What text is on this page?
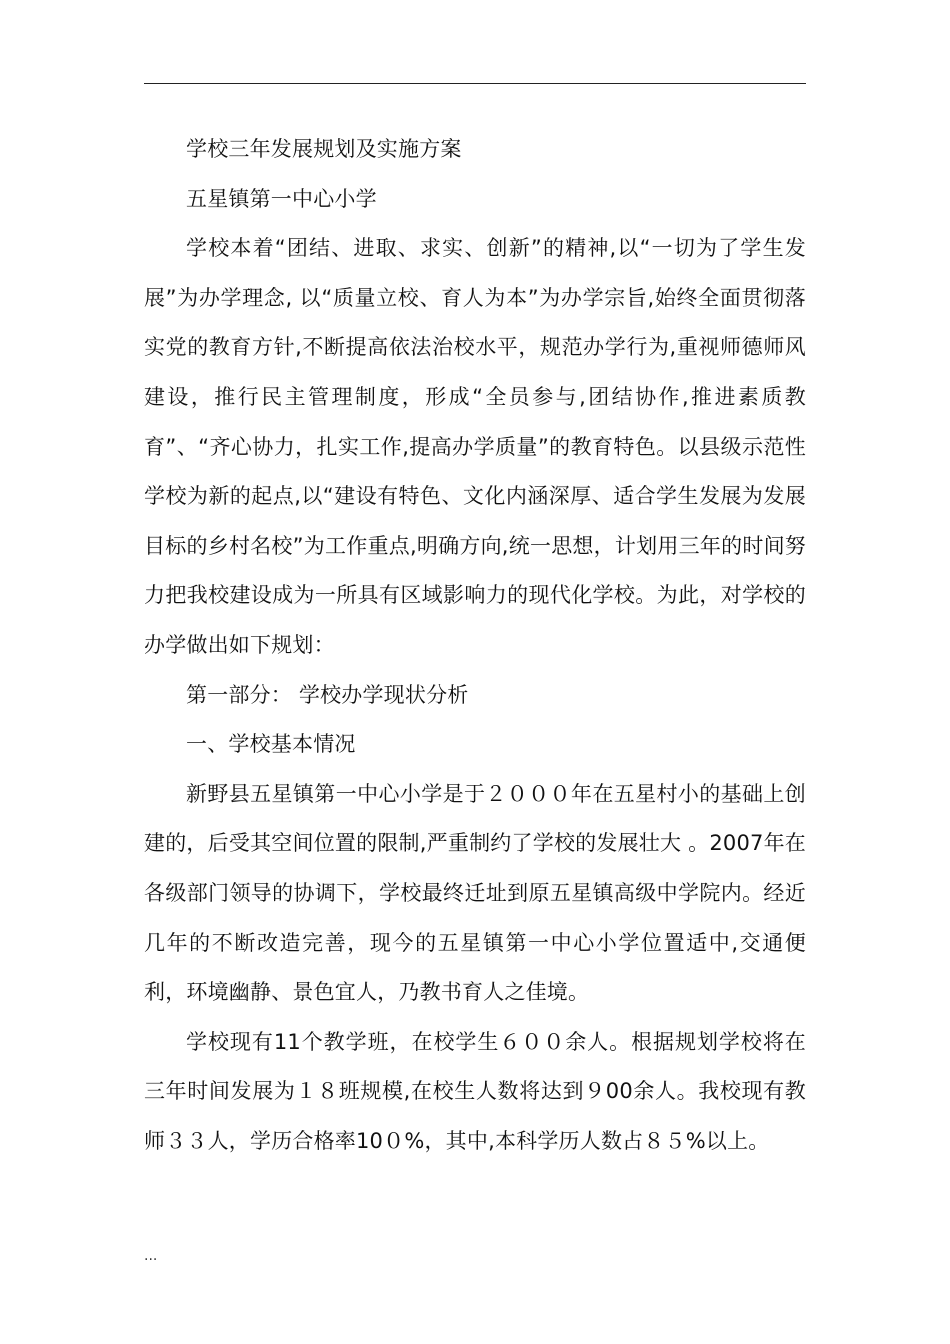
学校三年发展规划及实施方案

五星镇第一中心小学

学校本着“团结、进取、求实、创新”的精神,以“一切为了学生发展”为办学理念, 以“质量立校、育人为本”为办学宗旨,始终全面贯彻落实党的教育方针,不断提高依法治校水平，规范办学行为,重视师德师风建设，推行民主管理制度，形成“全员参与,团结协作,推进素质教育”、“齐心协力，扎实工作,提高办学质量”的教育特色。以县级示范性学校为新的起点,以“建设有特色、文化内涵深厚、适合学生发展为发展目标的乡村名校”为工作重点,明确方向,统一思想，计划用三年的时间努力把我校建设成为一所具有区域影响力的现代化学校。为此，对学校的办学做出如下规划：

第一部分： 学校办学现状分析

一、学校基本情况

新野县五星镇第一中心小学是于２０００年在五星村小的基础上创建的，后受其空间位置的限制,严重制约了学校的发展壮大 。2007年在各级部门领导的协调下，学校最终迁址到原五星镇高级中学院内。经近几年的不断改造完善，现今的五星镇第一中心小学位置适中,交通便利，环境幽静、景色宜人，乃教书育人之佳境。

学校现有11个教学班，在校学生６００余人。根据规划学校将在三年时间发展为１８班规模,在校生人数将达到９00余人。我校现有教师３３人，学历合格率10０%，其中,本科学历人数占８５%以上。

...
